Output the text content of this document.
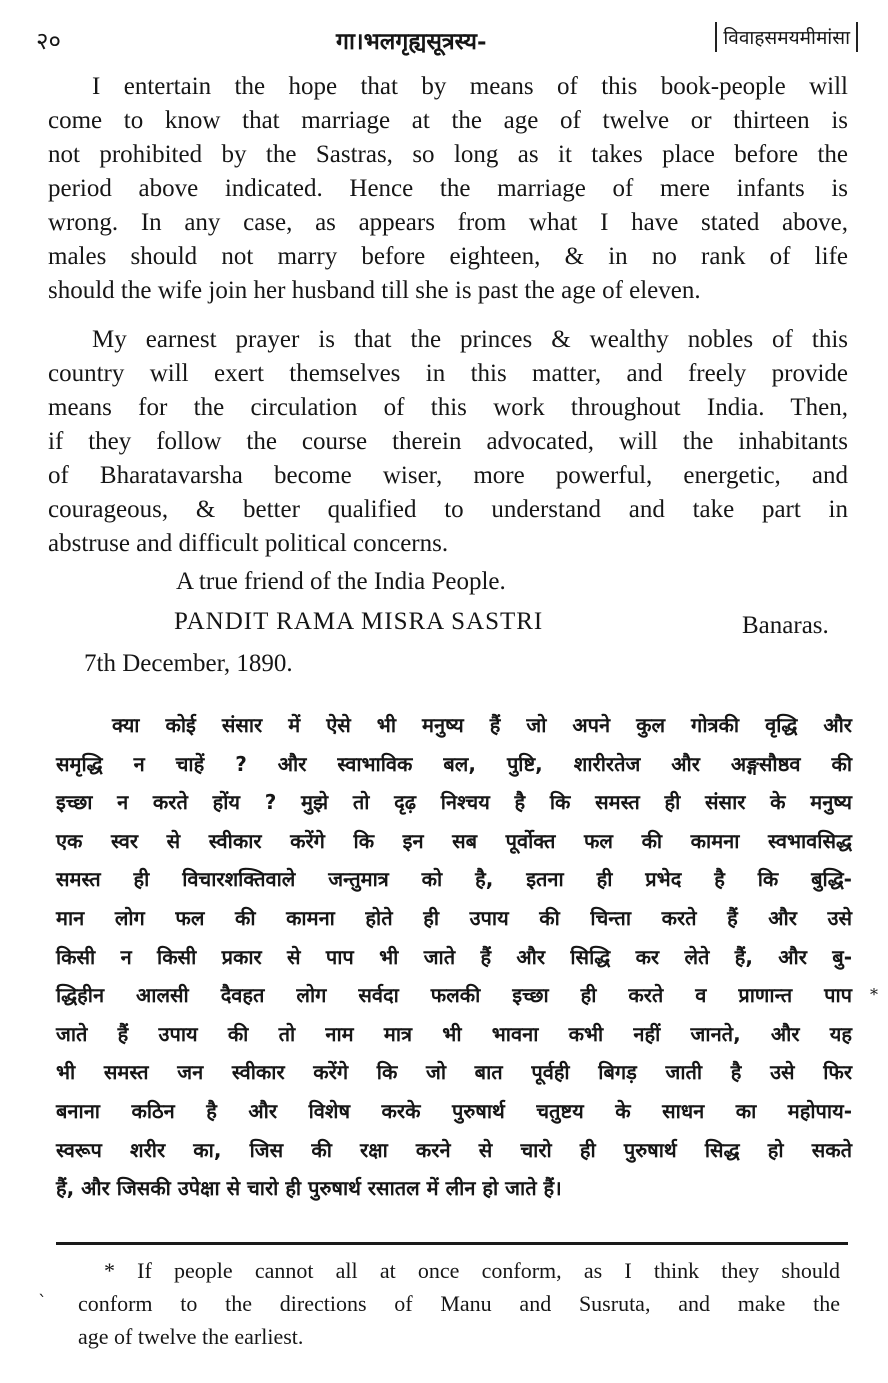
२०	गा।भलगृह्यसूत्रस्य-	विवाहसमयमीमांसा

I entertain the hope that by means of this book-people will
come to know that marriage at the age of twelve or thirteen is
not prohibited by the Sastras, so long as it takes place before the
period above indicated. Hence the marriage of mere infants is
wrong. In any case, as appears from what I have stated above,
males should not marry before eighteen, & in no rank of life
should the wife join her husband till she is past the age of eleven.

My earnest prayer is that the princes & wealthy nobles of this
country will exert themselves in this matter, and freely provide
means for the circulation of this work throughout India. Then,
if they follow the course therein advocated, will the inhabitants
of Bharatavarsha become wiser, more powerful, energetic, and
courageous, & better qualified to understand and take part in
abstruse and difficult political concerns.

A true friend of the India People.
PANDIT RAMA MISRA SASTRI	Banaras.
7th December, 1890.

क्या कोई संसार में ऐसे भी मनुष्य हैं जो अपने कुल गोत्रकी वृद्धि और
समृद्धि न चाहें ? और स्वाभाविक बल, पुष्टि, शारीरतेज और अङ्गसौष्ठव की
इच्छा न करते होंय ? मुझे तो दृढ़ निश्चय है कि समस्त ही संसार के मनुष्य
एक स्वर से स्वीकार करेंगे कि इन सब पूर्वोक्त फल की कामना स्वभावसिद्ध
समस्त ही विचारशक्तिवाले जन्तुमात्र को है, इतना ही प्रभेद है कि बुद्धि-
मान लोग फल की कामना होते ही उपाय की चिन्ता करते हैं और उसे
किसी न किसी प्रकार से पाप भी जाते हैं और सिद्धि कर लेते हैं, और बु-
द्धिहीन आलसी दैवहत लोग सर्वदा फलकी इच्छा ही करते व प्राणान्त पाप
जाते हैं उपाय की तो नाम मात्र भी भावना कभी नहीं जानते, और यह
भी समस्त जन स्वीकार करेंगे कि जो बात पूर्वही बिगड़ जाती है उसे फिर
बनाना कठिन है और विशेष करके पुरुषार्थ चतुष्टय के साधन का महोपाय-
स्वरूप शरीर का, जिस की रक्षा करने से चारो ही पुरुषार्थ सिद्ध हो सकते
हैं, और जिसकी उपेक्षा से चारो ही पुरुषार्थ रसातल में लीन हो जाते हैं।

*
`

* If people cannot all at once conform, as I think they should
conform to the directions of Manu and Susruta, and make the
age of twelve the earliest.
